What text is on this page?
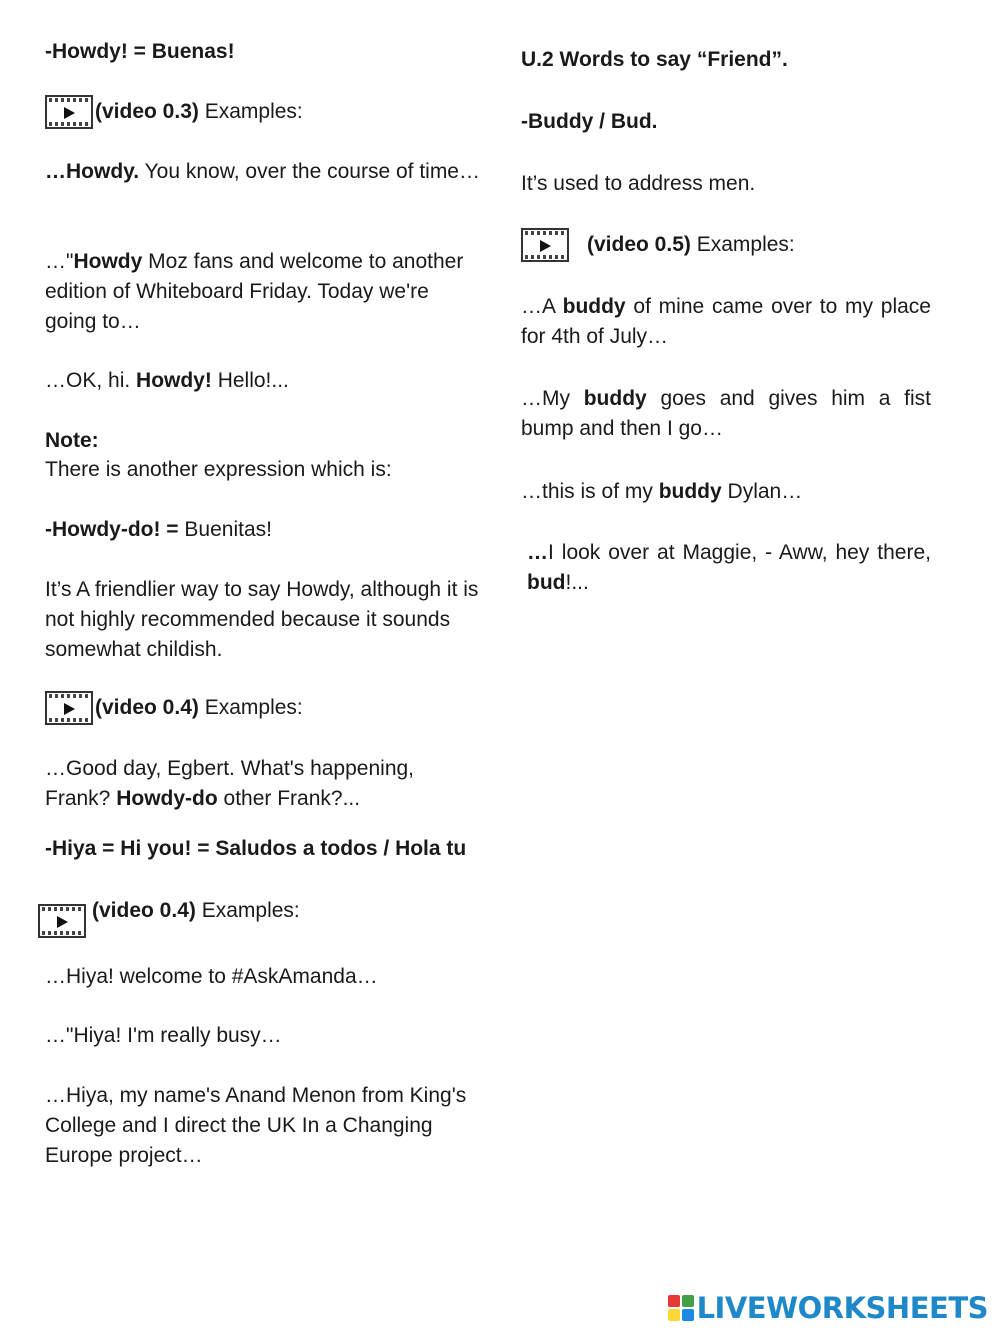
-Howdy! = Buenas!

(video 0.3) Examples:

…Howdy. You know, over the course of time…

…"Howdy Moz fans and welcome to another edition of Whiteboard Friday. Today we're going to…

…OK, hi. Howdy! Hello!...

Note:

There is another expression which is:

-Howdy-do! = Buenitas!

It’s A friendlier way to say Howdy, although it is not highly recommended because it sounds somewhat childish.

(video 0.4) Examples:

…Good day, Egbert. What's happening, Frank? Howdy-do other Frank?...

-Hiya = Hi you! = Saludos a todos / Hola tu

(video 0.4) Examples:

…Hiya! welcome to #AskAmanda…

…"Hiya! I'm really busy…

…Hiya, my name's Anand Menon from King's College and I direct the UK In a Changing Europe project…

U.2 Words to say “Friend”.

-Buddy / Bud.

It’s used to address men.

(video 0.5) Examples:

…A buddy of mine came over to my place for 4th of July…

…My buddy goes and gives him a fist bump and then I go…

…this is of my buddy Dylan…

…I look over at Maggie, - Aww, hey there, bud!...

LIVEWORKSHEETS
